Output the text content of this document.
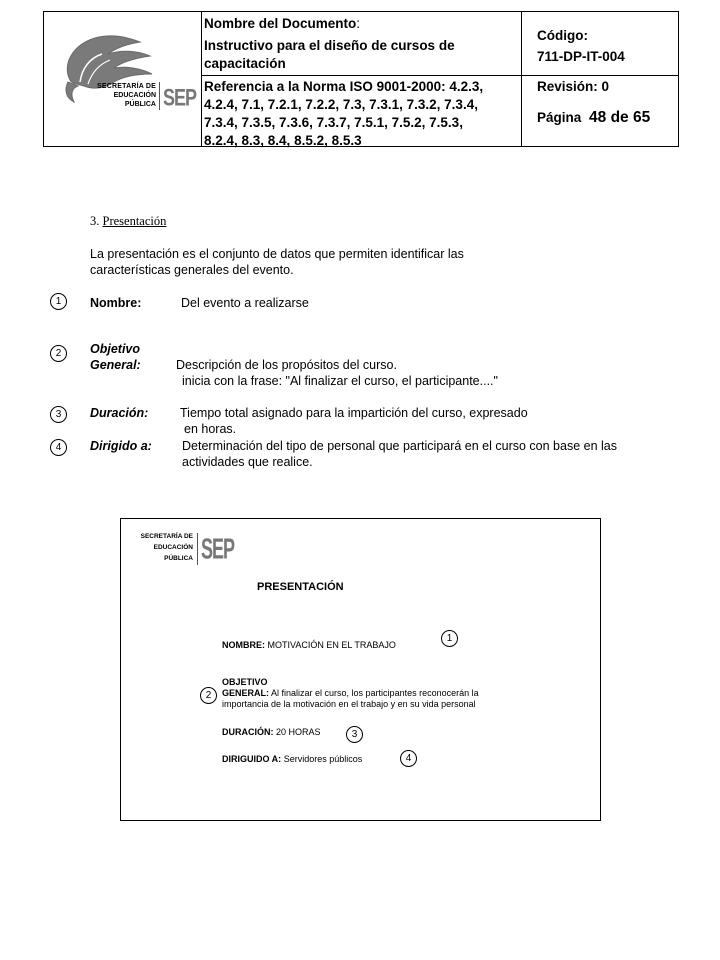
SECRETARÍA DE
EDUCACIÓN
PÚBLICA SEP
Nombre del Documento:
Instructivo para el diseño de cursos de
capacitación
Referencia a la Norma ISO 9001-2000: 4.2.3,
4.2.4, 7.1, 7.2.1, 7.2.2, 7.3, 7.3.1, 7.3.2, 7.3.4,
7.3.4, 7.3.5, 7.3.6, 7.3.7, 7.5.1, 7.5.2, 7.5.3,
8.2.4, 8.3, 8.4, 8.5.2, 8.5.3
Código:
711-DP-IT-004
Revisión: 0
Página 48 de 65
3. Presentación
La presentación es el conjunto de datos que permiten identificar las
características generales del evento.
1	Nombre:	Del evento a realizarse
2	Objetivo
General:	Descripción de los propósitos del curso.
inicia con la frase: "Al finalizar el curso, el participante...."
3	Duración:	Tiempo total asignado para la impartición del curso, expresado
en horas.
4	Dirigido a: Determinación del tipo de personal que participará en el curso con base en las
actividades que realice.
SECRETARÍA DE
EDUCACIÓN
PÚBLICA SEP
PRESENTACIÓN
NOMBRE: MOTIVACIÓN EN EL TRABAJO
1
OBJETIVO
GENERAL: Al finalizar el curso, los participantes reconocerán la
importancia de la motivación en el trabajo y en su vida personal
2
DURACIÓN: 20 HORAS	3
DIRIGUIDO A: Servidores públicos	4
